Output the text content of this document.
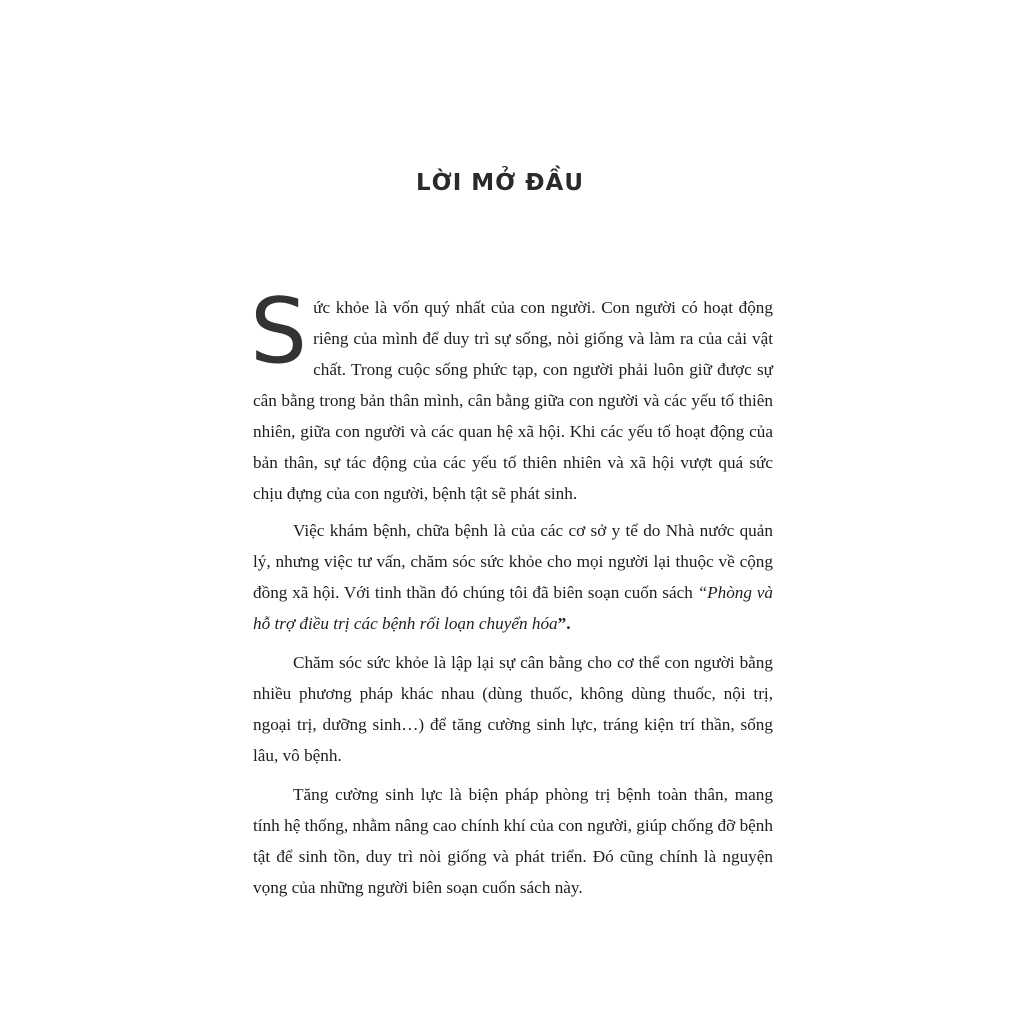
LỜI MỞ ĐẦU

Sức khỏe là vốn quý nhất của con người. Con người có hoạt động riêng của mình để duy trì sự sống, nòi giống và làm ra của cải vật chất. Trong cuộc sống phức tạp, con người phải luôn giữ được sự cân bằng trong bản thân mình, cân bằng giữa con người và các yếu tố thiên nhiên, giữa con người và các quan hệ xã hội. Khi các yếu tố hoạt động của bản thân, sự tác động của các yếu tố thiên nhiên và xã hội vượt quá sức chịu đựng của con người, bệnh tật sẽ phát sinh.

Việc khám bệnh, chữa bệnh là của các cơ sở y tế do Nhà nước quản lý, nhưng việc tư vấn, chăm sóc sức khỏe cho mọi người lại thuộc về cộng đồng xã hội. Với tinh thần đó chúng tôi đã biên soạn cuốn sách “Phòng và hỗ trợ điều trị các bệnh rối loạn chuyển hóa”.

Chăm sóc sức khỏe là lập lại sự cân bằng cho cơ thể con người bằng nhiều phương pháp khác nhau (dùng thuốc, không dùng thuốc, nội trị, ngoại trị, dưỡng sinh…) để tăng cường sinh lực, tráng kiện trí thần, sống lâu, vô bệnh.

Tăng cường sinh lực là biện pháp phòng trị bệnh toàn thân, mang tính hệ thống, nhằm nâng cao chính khí của con người, giúp chống đỡ bệnh tật để sinh tồn, duy trì nòi giống và phát triển. Đó cũng chính là nguyện vọng của những người biên soạn cuốn sách này.
